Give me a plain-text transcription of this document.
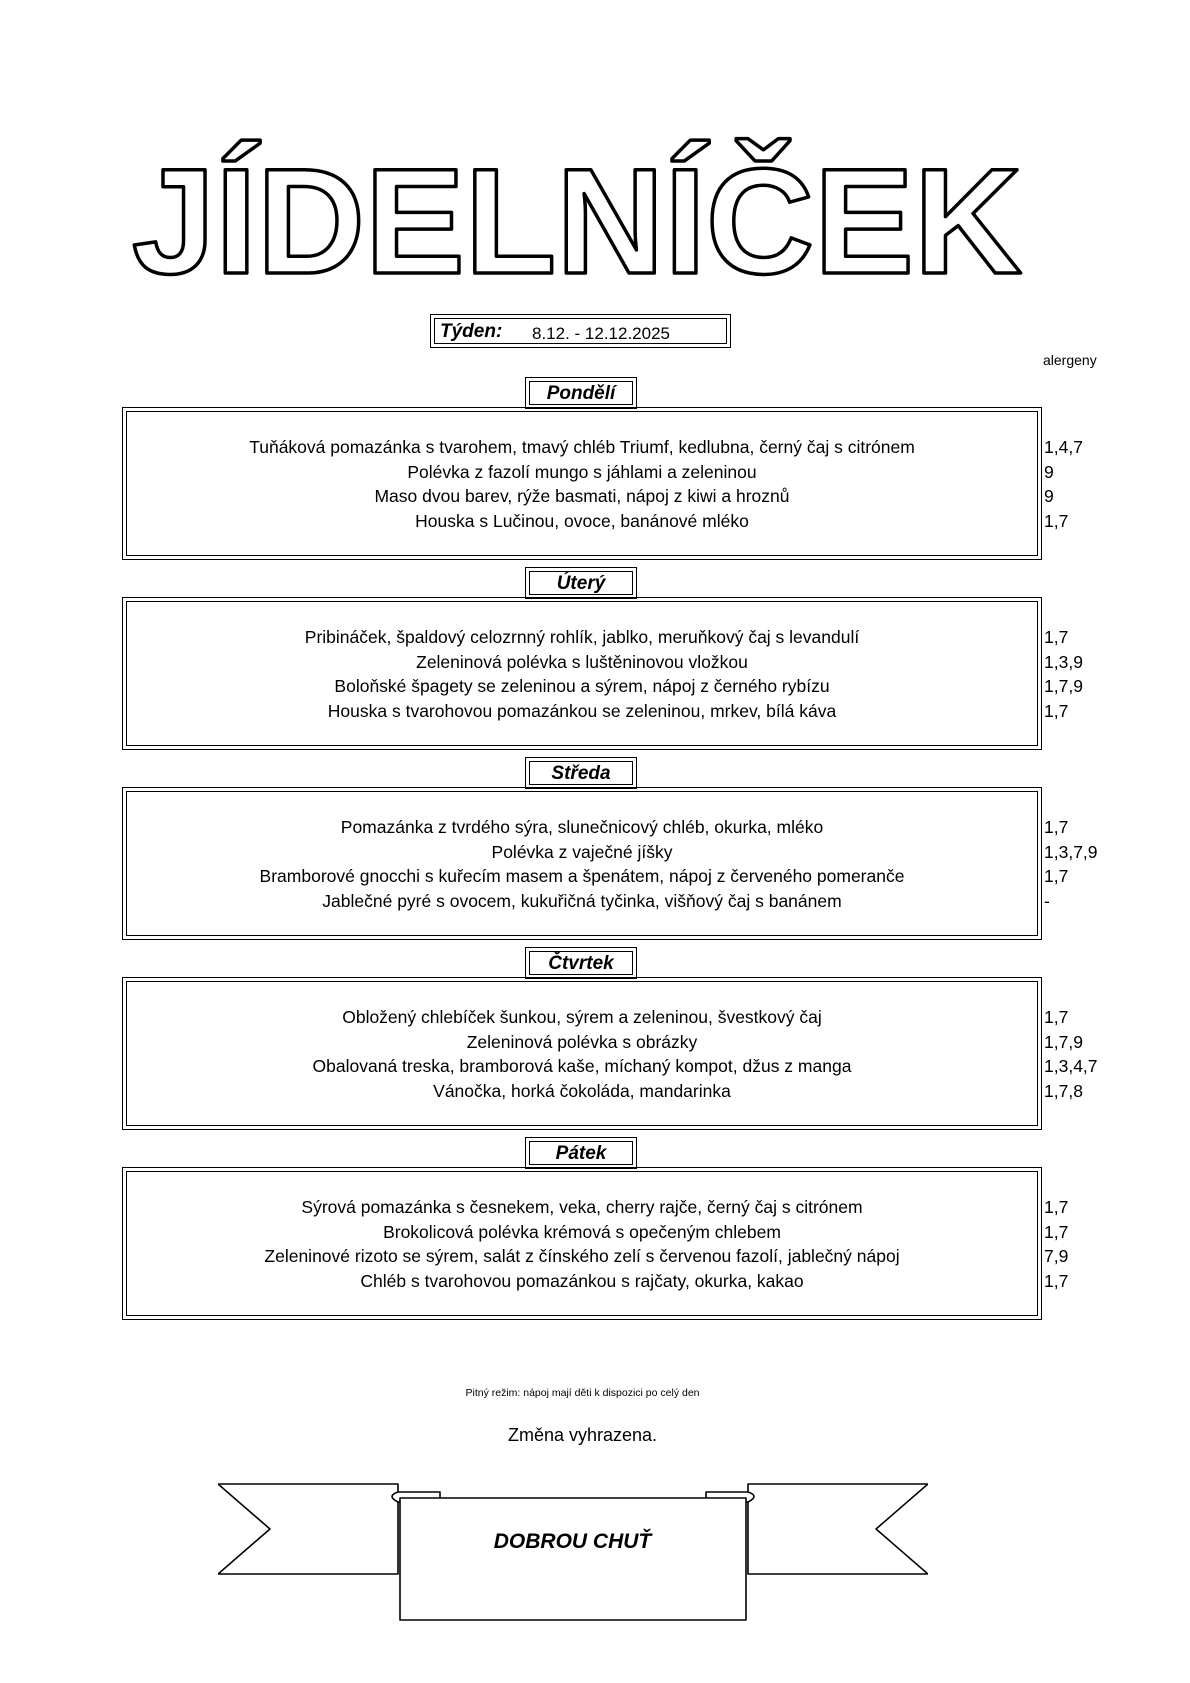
JÍDELNÍČEK
Týden: 8.12. - 12.12.2025
alergeny
Pondělí
Tuňáková pomazánka s tvarohem, tmavý chléb Triumf, kedlubna, černý čaj s citrónem	1,4,7
Polévka z fazolí mungo s jáhlami a zeleninou	9
Maso dvou barev, rýže basmati, nápoj z kiwi a hroznů	9
Houska s Lučinou, ovoce, banánové mléko	1,7
Úterý
Pribináček, špaldový celozrnný rohlík, jablko, meruňkový čaj s levandulí	1,7
Zeleninová polévka s luštěninovou vložkou	1,3,9
Boloňské špagety se zeleninou a sýrem, nápoj z černého rybízu	1,7,9
Houska s tvarohovou pomazánkou se zeleninou, mrkev, bílá káva	1,7
Středa
Pomazánka z tvrdého sýra, slunečnicový chléb, okurka, mléko	1,7
Polévka z vaječné jíšky	1,3,7,9
Bramborové gnocchi s kuřecím masem a špenátem, nápoj z červeného pomeranče	1,7
Jablečné pyré s ovocem, kukuřičná tyčinka, višňový čaj s banánem	-
Čtvrtek
Obložený chlebíček šunkou, sýrem a zeleninou, švestkový čaj	1,7
Zeleninová polévka s obrázky	1,7,9
Obalovaná treska, bramborová kaše, míchaný kompot, džus z manga	1,3,4,7
Vánočka, horká čokoláda, mandarinka	1,7,8
Pátek
Sýrová pomazánka s česnekem, veka, cherry rajče, černý čaj s citrónem	1,7
Brokolicová polévka krémová s opečeným chlebem	1,7
Zeleninové rizoto se sýrem, salát z čínského zelí s červenou fazolí, jablečný nápoj	7,9
Chléb s tvarohovou pomazánkou s rajčaty, okurka, kakao	1,7
Pitný režim: nápoj mají děti k dispozici po celý den
Změna vyhrazena.
DOBROU CHUŤ
